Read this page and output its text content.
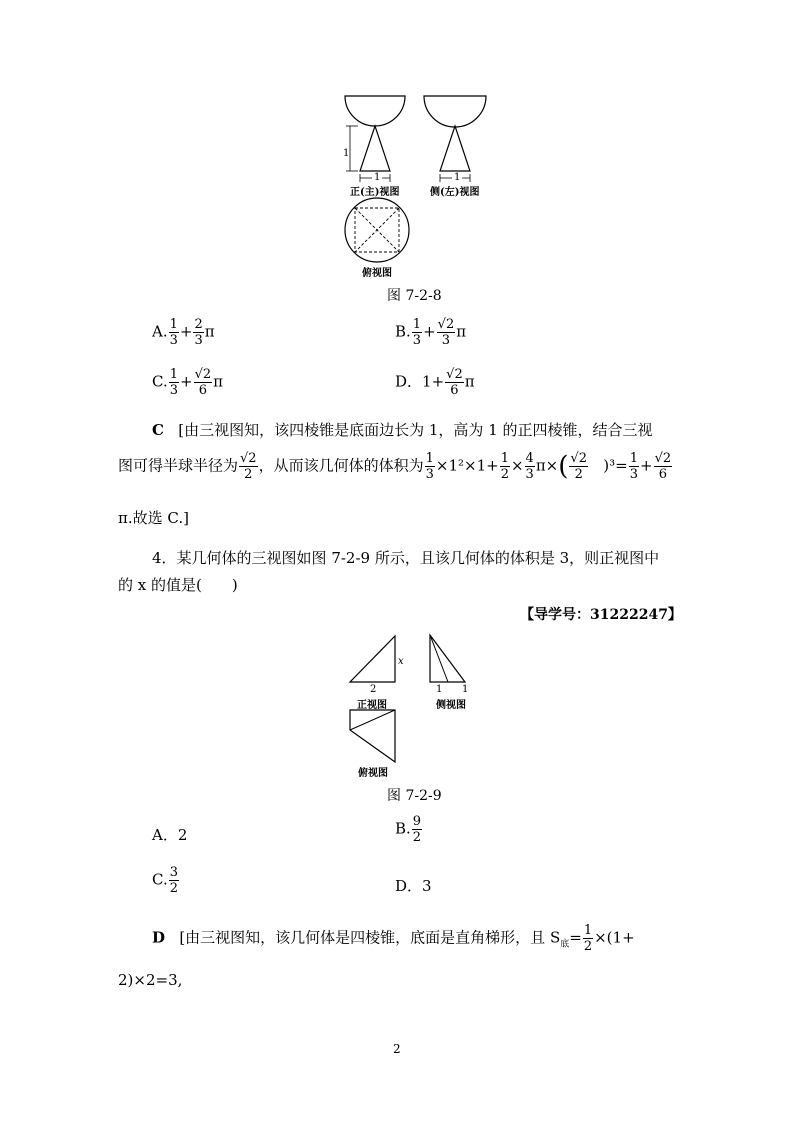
1
1	1
正(主)视图	侧(左)视图
俯视图
图 7-2-8
A. $\frac{1}{3} + \frac{2}{3}$ π	B. $\frac{1}{3} + \frac{√2}{3}$ π
C. $\frac{1}{3} + \frac{√2}{6}$ π	D．$1+ \frac{√2}{6}$ π
C [由三视图知，该四棱锥是底面边长为 1，高为 1 的正四棱锥，结合三视
图可得半球半径为 $\frac{√2}{2}$ ，从而该几何体的体积为 $\frac{1}{3} \times 1^2\times 1+ \frac{1}{2} \times \frac{4}{3} \pi\times( \frac{√2}{2} )^3= \frac{1}{3} + \frac{√2}{6}$
π.故选 C.]
4．某几何体的三视图如图 7-2-9 所示，且该几何体的体积是 3，则正视图中
的 x 的值是(　　)
【导学号：31222247】
x
2
正视图
1 1
侧视图
俯视图
图 7-2-9
A．2	B. $\frac{9}{2}$
C. $\frac{3}{2}$	D．3
D [由三视图知，该几何体是四棱锥，底面是直角梯形，且 $S_底= \frac{1}{2} \times(1+$
2)×2=3,
2
